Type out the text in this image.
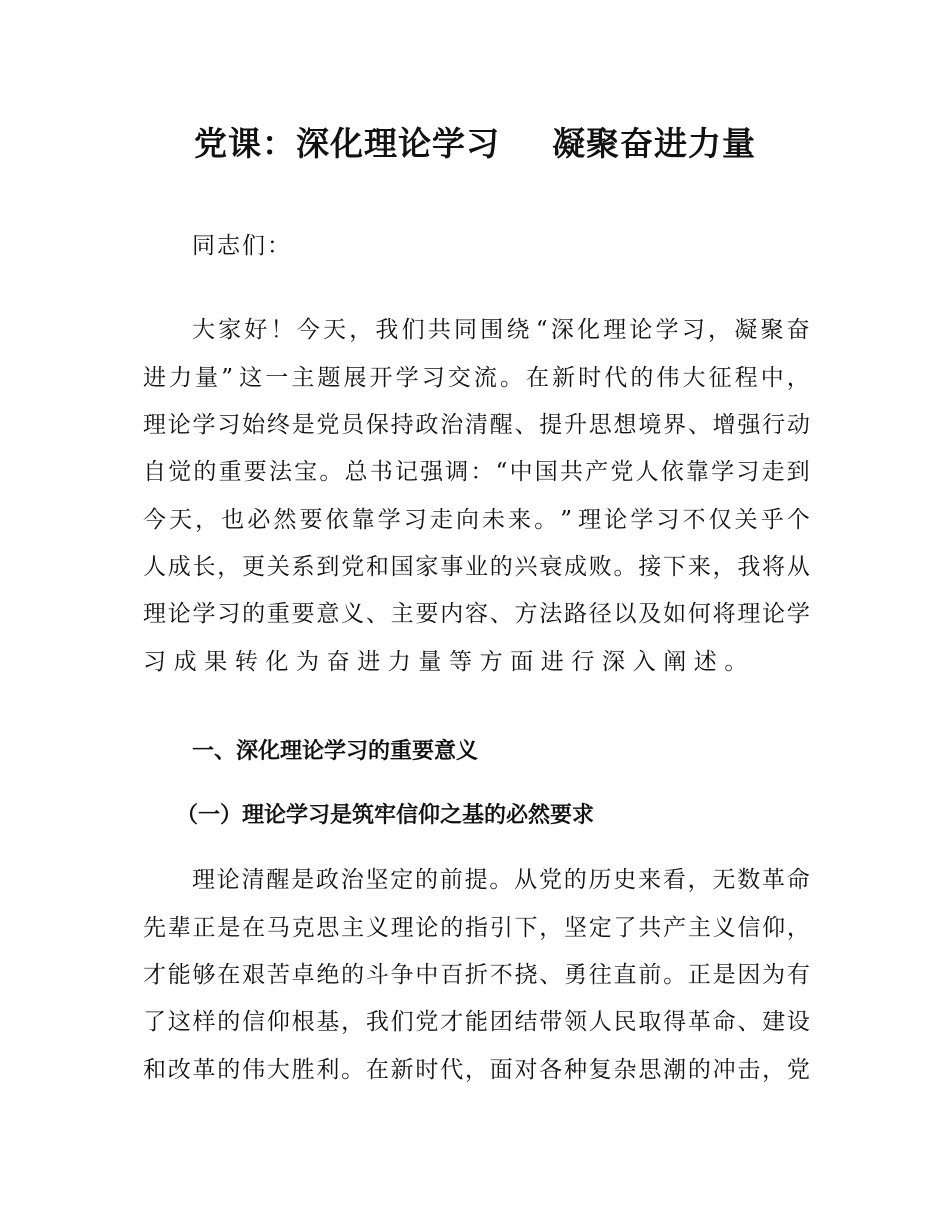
党课：深化理论学习 凝聚奋进力量
同志们：
大 家 好 ！ 今 天 ， 我 们 共 同 围 绕 “ 深 化 理 论 学 习 ， 凝 聚 奋
进 力 量 ” 这 一 主 题 展 开 学 习 交 流 。 在 新 时 代 的 伟 大 征 程 中 ，
理 论 学 习 始 终 是 党 员 保 持 政 治 清 醒 、 提 升 思 想 境 界 、 增 强 行 动
自 觉 的 重 要 法 宝 。 总 书 记 强 调 ： “ 中 国 共 产 党 人 依 靠 学 习 走 到
今 天 ， 也 必 然 要 依 靠 学 习 走 向 未 来 。 ” 理 论 学 习 不 仅 关 乎 个
人 成 长 ， 更 关 系 到 党 和 国 家 事 业 的 兴 衰 成 败 。 接 下 来 ， 我 将 从
理 论 学 习 的 重 要 意 义 、 主 要 内 容 、 方 法 路 径 以 及 如 何 将 理 论 学
习成果转化为奋进力量等方面进行深入阐述。
一、深化理论学习的重要意义
（一）理论学习是筑牢信仰之基的必然要求
理 论 清 醒 是 政 治 坚 定 的 前 提 。 从 党 的 历 史 来 看 ， 无 数 革 命
先 辈 正 是 在 马 克 思 主 义 理 论 的 指 引 下 ， 坚 定 了 共 产 主 义 信 仰 ，
才 能 够 在 艰 苦 卓 绝 的 斗 争 中 百 折 不 挠 、 勇 往 直 前 。 正 是 因 为 有
了 这 样 的 信 仰 根 基 ， 我 们 党 才 能 团 结 带 领 人 民 取 得 革 命 、 建 设
和 改 革 的 伟 大 胜 利 。 在 新 时 代 ， 面 对 各 种 复 杂 思 潮 的 冲 击 ， 党
